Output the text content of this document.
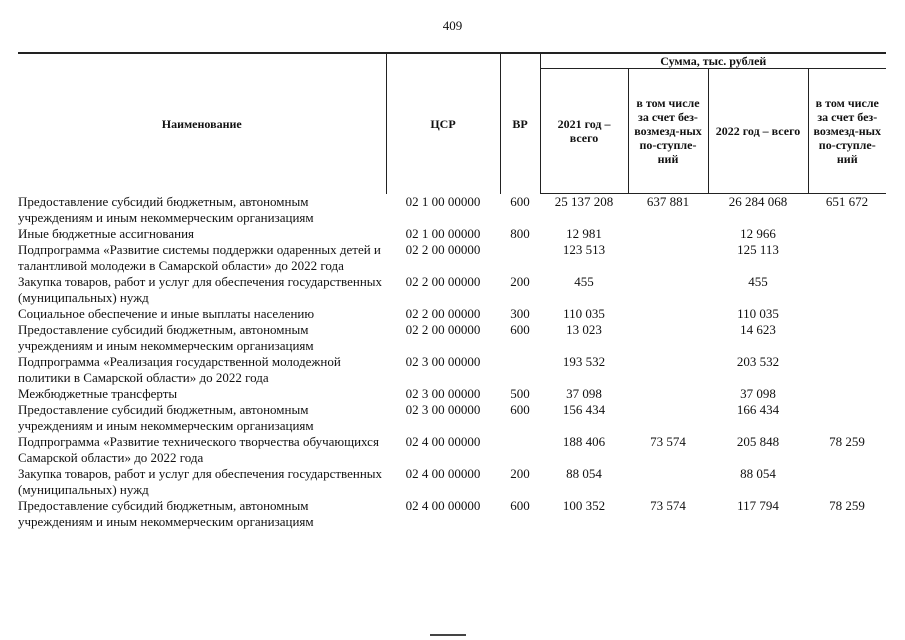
409
Наименование	ЦСР	ВР	Сумма, тыс. рублей			
			2021 год – всего	в том числе за счет без-возмезд-ных по-ступле-ний	2022 год – всего	в том числе за счет без-возмезд-ных по-ступле-ний
Предоставление субсидий бюджетным, автономным учреждениям и иным некоммерческим организациям	02 1 00 00000	600	25 137 208	637 881	26 284 068	651 672
Иные бюджетные ассигнования	02 1 00 00000	800	12 981		12 966	
Подпрограмма «Развитие системы поддержки одаренных детей и талантливой молодежи в Самарской области» до 2022 года	02 2 00 00000		123 513		125 113	
Закупка товаров, работ и услуг для обеспечения государственных (муниципальных) нужд	02 2 00 00000	200	455		455	
Социальное обеспечение и иные выплаты населению	02 2 00 00000	300	110 035		110 035	
Предоставление субсидий бюджетным, автономным учреждениям и иным некоммерческим организациям	02 2 00 00000	600	13 023		14 623	
Подпрограмма «Реализация государственной молодежной политики в Самарской области» до 2022 года	02 3 00 00000		193 532		203 532	
Межбюджетные трансферты	02 3 00 00000	500	37 098		37 098	
Предоставление субсидий бюджетным, автономным учреждениям и иным некоммерческим организациям	02 3 00 00000	600	156 434		166 434	
Подпрограмма «Развитие технического творчества обучающихся Самарской области» до 2022 года	02 4 00 00000		188 406	73 574	205 848	78 259
Закупка товаров, работ и услуг для обеспечения государственных (муниципальных) нужд	02 4 00 00000	200	88 054		88 054	
Предоставление субсидий бюджетным, автономным учреждениям и иным некоммерческим организациям	02 4 00 00000	600	100 352	73 574	117 794	78 259
